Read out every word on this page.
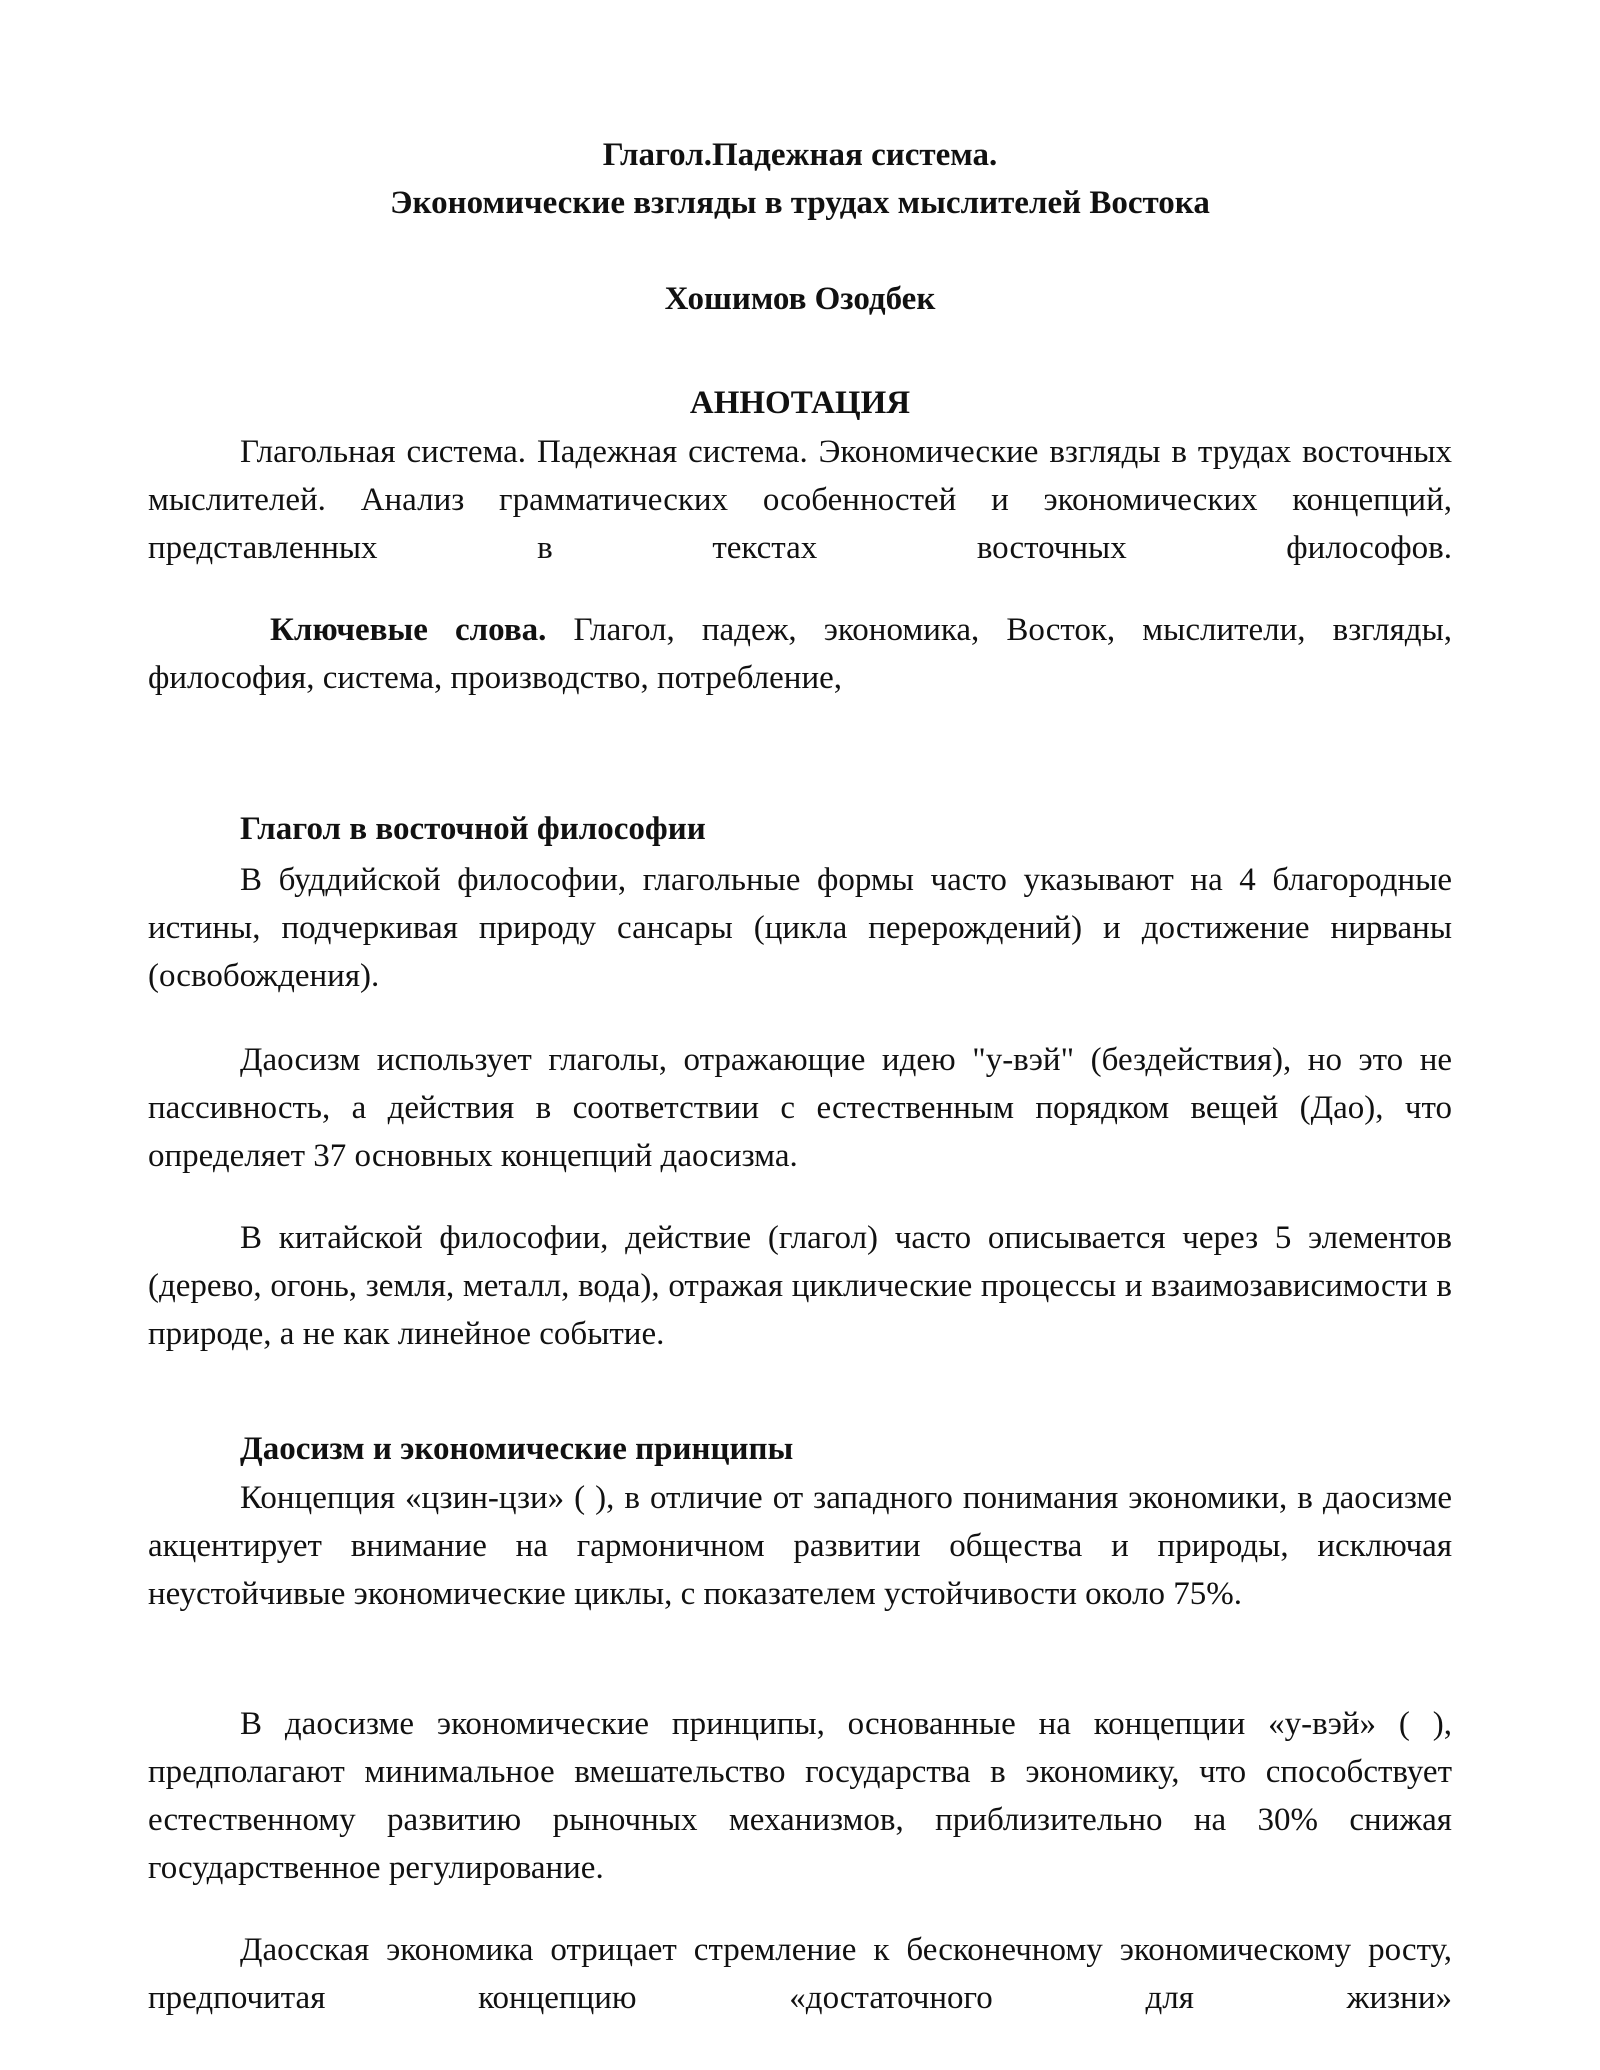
Глагол.Падежная система.
Экономические взгляды в трудах мыслителей Востока
Хошимов Озодбек
АННОТАЦИЯ
Глагольная система. Падежная система. Экономические взгляды в трудах восточных мыслителей. Анализ грамматических особенностей и экономических концепций, представленных в текстах восточных философов.
Ключевые слова. Глагол, падеж, экономика, Восток, мыслители, взгляды, философия, система, производство, потребление,
Глагол в восточной философии
В буддийской философии, глагольные формы часто указывают на 4 благородные истины, подчеркивая природу сансары (цикла перерождений) и достижение нирваны (освобождения).
Даосизм использует глаголы, отражающие идею "у-вэй" (бездействия), но это не пассивность, а действия в соответствии с естественным порядком вещей (Дао), что определяет 37 основных концепций даосизма.
В китайской философии, действие (глагол) часто описывается через 5 элементов (дерево, огонь, земля, металл, вода), отражая циклические процессы и взаимозависимости в природе, а не как линейное событие.
Даосизм и экономические принципы
Концепция «цзин-цзи» ( ), в отличие от западного понимания экономики, в даосизме акцентирует внимание на гармоничном развитии общества и природы, исключая неустойчивые экономические циклы, с показателем устойчивости около 75%.
В даосизме экономические принципы, основанные на концепции «у-вэй» ( ), предполагают минимальное вмешательство государства в экономику, что способствует естественному развитию рыночных механизмов, приблизительно на 30% снижая государственное регулирование.
Даосская экономика отрицает стремление к бесконечному экономическому росту, предпочитая концепцию «достаточного для жизни»
